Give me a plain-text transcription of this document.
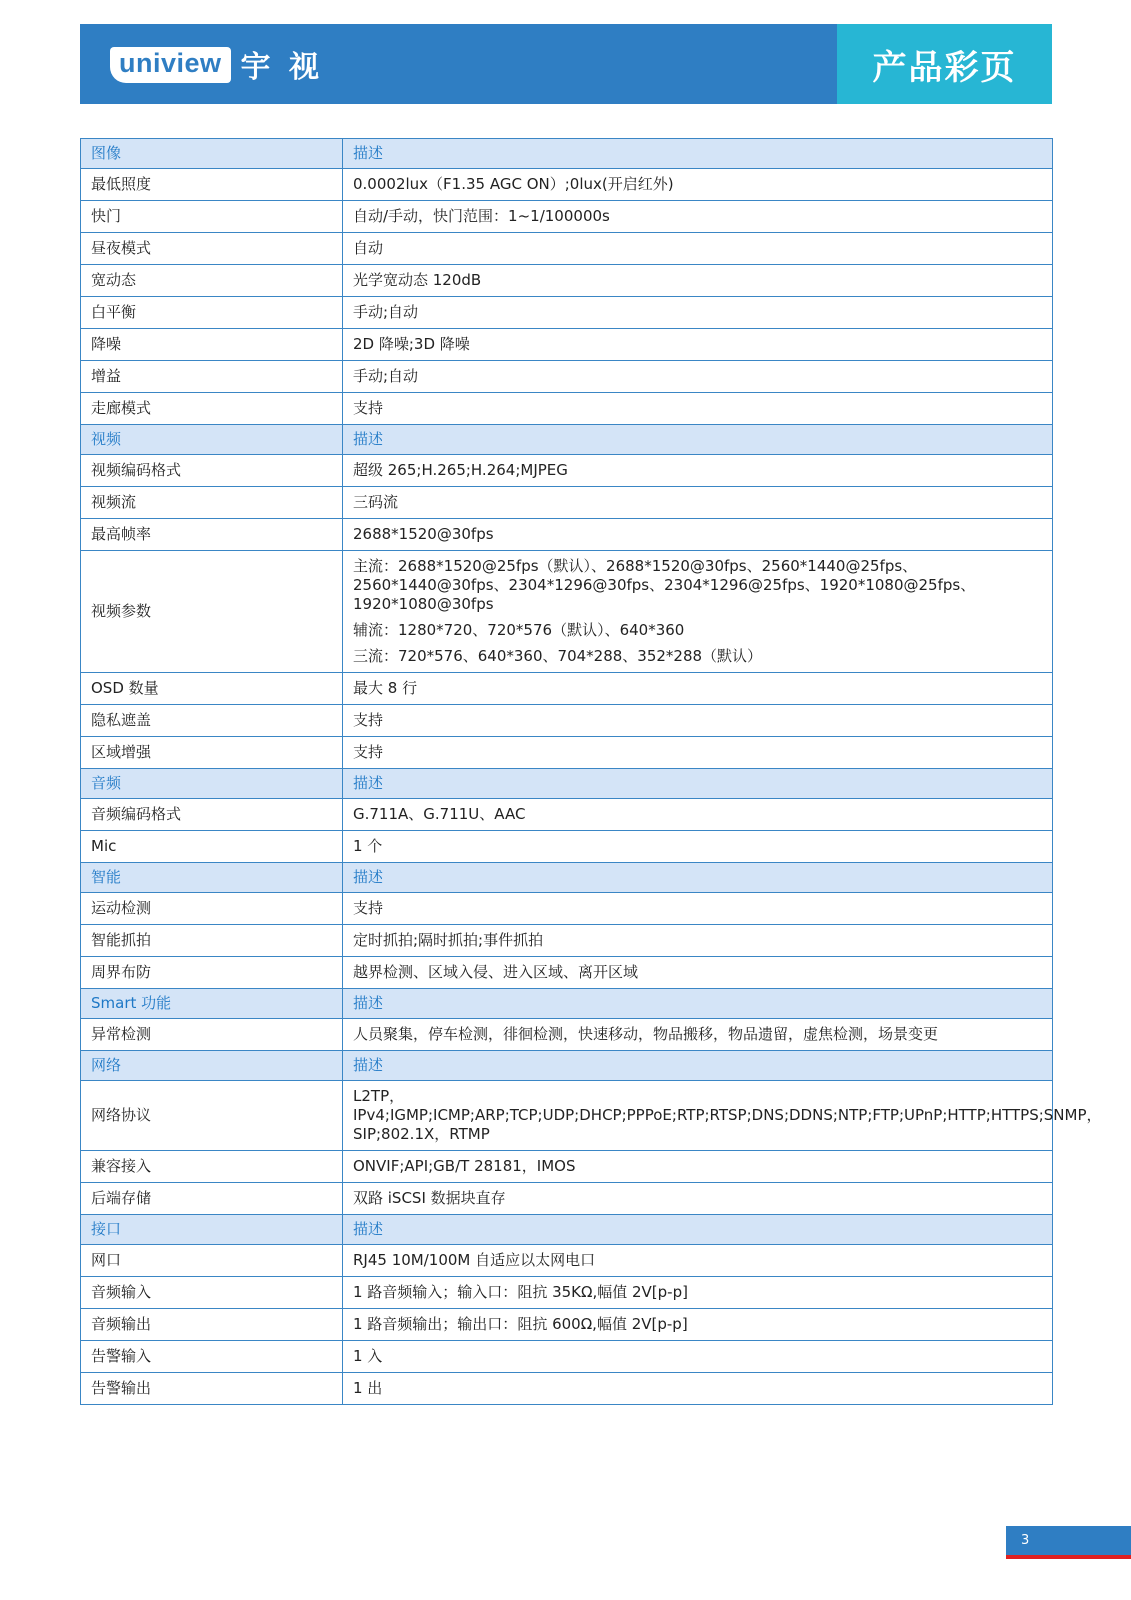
uniview 宇 视	产品彩页
图像	描述
最低照度	0.0002lux（F1.35 AGC ON）;0lux(开启红外)

快门	自动/手动，快门范围：1~1/100000s

昼夜模式	自动

宽动态	光学宽动态 120dB

白平衡	手动;自动

降噪	2D 降噪;3D 降噪

增益	手动;自动

走廊模式	支持

视频	描述
视频编码格式	超级 265;H.265;H.264;MJPEG

视频流	三码流

最高帧率	2688*1520@30fps

视频参数	主流：2688*1520@25fps（默认）、2688*1520@30fps、2560*1440@25fps、2560*1440@30fps、2304*1296@30fps、2304*1296@25fps、1920*1080@25fps、1920*1080@30fps
辅流：1280*720、720*576（默认）、640*360
三流：720*576、640*360、704*288、352*288（默认）

OSD 数量	最大 8 行

隐私遮盖	支持

区域增强	支持

音频	描述
音频编码格式	G.711A、G.711U、AAC

Mic	1 个

智能	描述
运动检测	支持

智能抓拍	定时抓拍;隔时抓拍;事件抓拍

周界布防	越界检测、区域入侵、进入区域、离开区域

Smart 功能	描述
异常检测	人员聚集，停车检测，徘徊检测，快速移动，物品搬移，物品遗留，虚焦检测，场景变更

网络	描述
网络协议	L2TP，IPv4;IGMP;ICMP;ARP;TCP;UDP;DHCP;PPPoE;RTP;RTSP;DNS;DDNS;NTP;FTP;UPnP;HTTP;HTTPS;SNMP，SIP;802.1X，RTMP

兼容接入	ONVIF;API;GB/T 28181，IMOS

后端存储	双路 iSCSI 数据块直存

接口	描述
网口	RJ45 10M/100M 自适应以太网电口

音频输入	1 路音频输入；输入口：阻抗 35KΩ,幅值 2V[p-p]

音频输出	1 路音频输出；输出口：阻抗 600Ω,幅值 2V[p-p]

告警输入	1 入

告警输出	1 出
3
